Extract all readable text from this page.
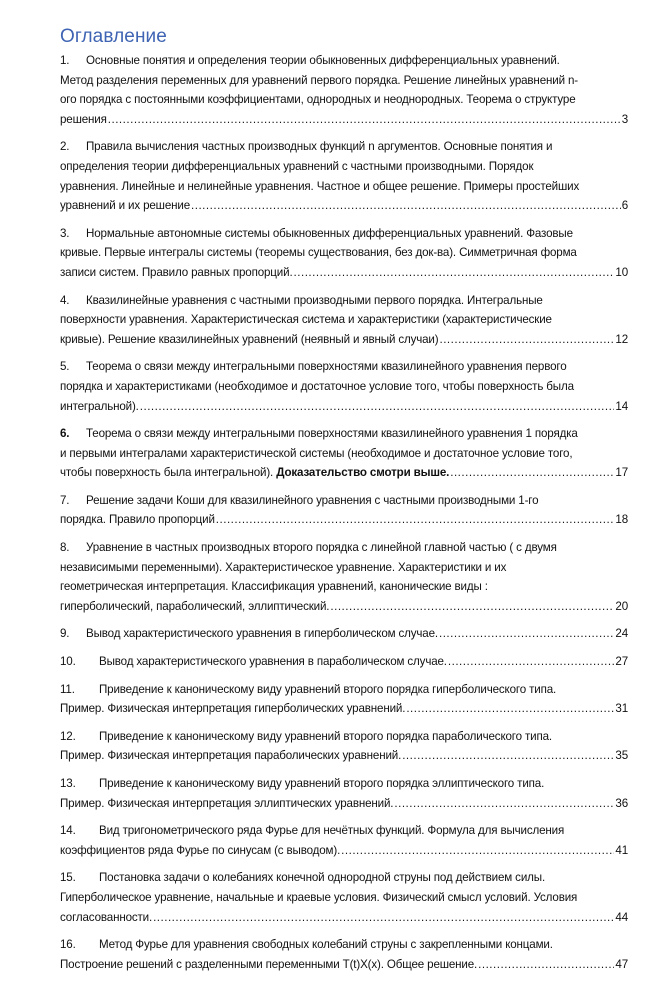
Оглавление
1. Основные понятия и определения теории обыкновенных дифференциальных уравнений.
Метод разделения переменных для уравнений первого порядка. Решение линейных уравнений n-
ого порядка с постоянными коэффициентами, однородных и неоднородных. Теорема о структуре
решения .....	3
2. Правила вычисления частных производных функций n аргументов. Основные понятия и
определения теории дифференциальных уравнений с частными производными. Порядок
уравнения. Линейные и нелинейные уравнения. Частное и общее решение. Примеры простейших
уравнений и их решение .....	6
3. Нормальные автономные системы обыкновенных дифференциальных уравнений. Фазовые
кривые. Первые интегралы системы (теоремы существования, без док-ва). Симметричная форма
записи систем. Правило равных пропорций. .....	10
4. Квазилинейные уравнения с частными производными первого порядка. Интегральные
поверхности уравнения. Характеристическая система и характеристики (характеристические
кривые). Решение квазилинейных уравнений (неявный и явный случаи) .....	12
5. Теорема о связи между интегральными поверхностями квазилинейного уравнения первого
порядка и характеристиками (необходимое и достаточное условие того, чтобы поверхность была
интегральной). .....	14
6. Теорема о связи между интегральными поверхностями квазилинейного уравнения 1 порядка
и первыми интегралами характеристической системы (необходимое и достаточное условие того,
чтобы поверхность была интегральной). Доказательство смотри выше. .....	17
7. Решение задачи Коши для квазилинейного уравнения с частными производными 1-го
порядка. Правило пропорций .....	18
8. Уравнение в частных производных второго порядка с линейной главной частью ( с двумя
независимыми переменными). Характеристическое уравнение. Характеристики и их
геометрическая интерпретация. Классификация уравнений, канонические виды :
гиперболический, параболический, эллиптический. .....	20
9. Вывод характеристического уравнения в гиперболическом случае. .....	24
10. Вывод характеристического уравнения в параболическом случае. .....	27
11. Приведение к каноническому виду уравнений второго порядка гиперболического типа.
Пример. Физическая интерпретация гиперболических уравнений. .....	31
12. Приведение к каноническому виду уравнений второго порядка параболического типа.
Пример. Физическая интерпретация параболических уравнений. .....	35
13. Приведение к каноническому виду уравнений второго порядка эллиптического типа.
Пример. Физическая интерпретация эллиптических уравнений. .....	36
14. Вид тригонометрического ряда Фурье для нечётных функций. Формула для вычисления
коэффициентов ряда Фурье по синусам (с выводом). .....	41
15. Постановка задачи о колебаниях конечной однородной струны под действием силы.
Гиперболическое уравнение, начальные и краевые условия. Физический смысл условий. Условия
согласованности. .....	44
16. Метод Фурье для уравнения свободных колебаний струны с закрепленными концами.
Построение решений с разделенными переменными T(t)X(x). Общее решение. .....	47
